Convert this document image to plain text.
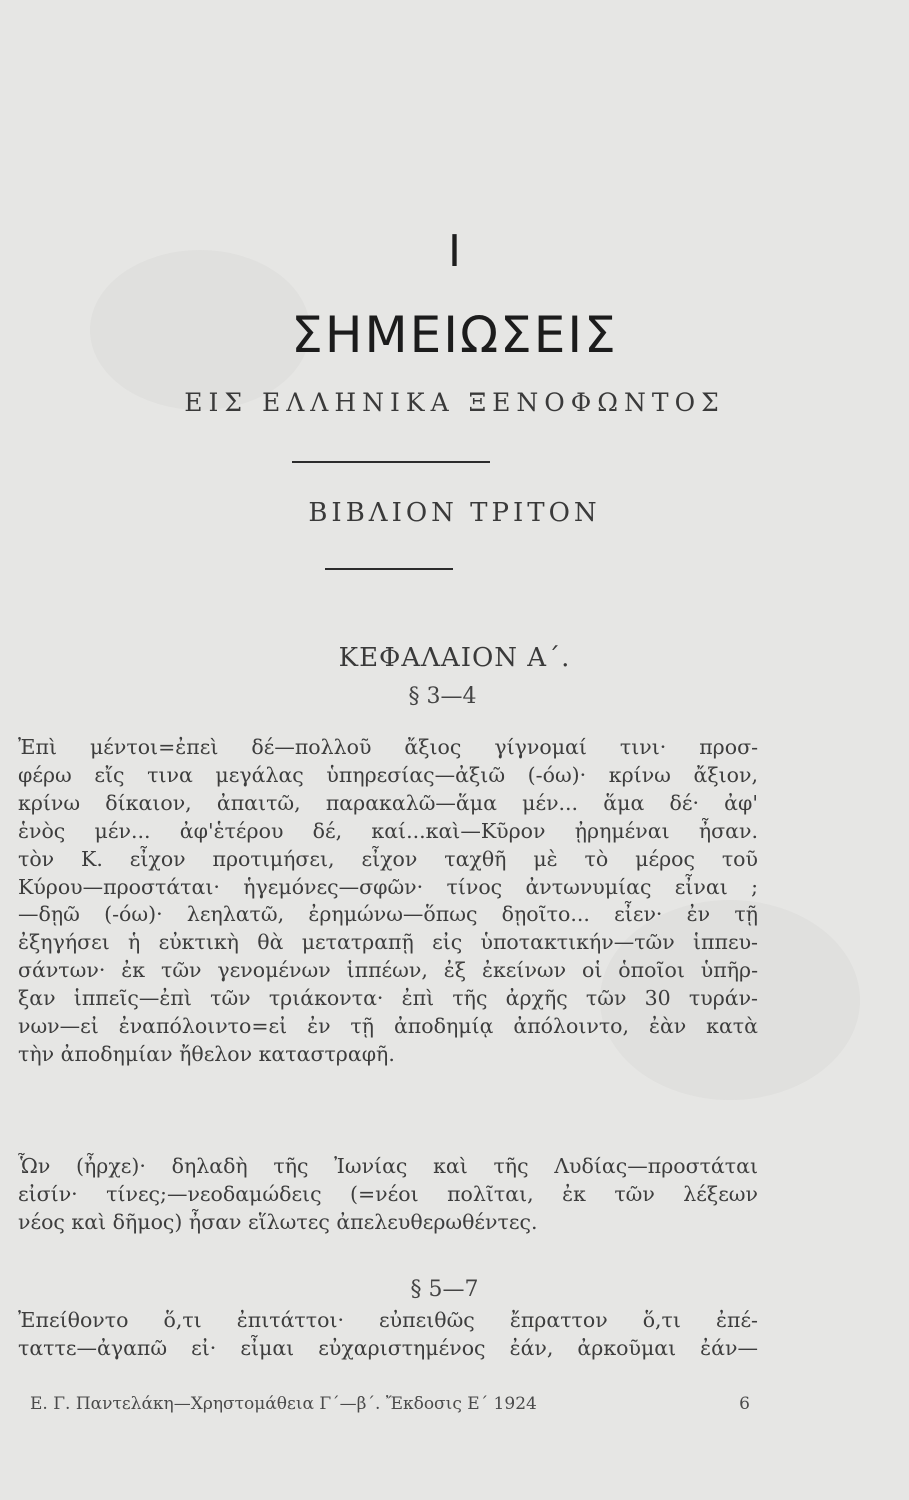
Ι
ΣΗΜΕΙΩΣΕΙΣ
ΕΙΣ ΕΛΛΗΝΙΚΑ ΞΕΝΟΦΩΝΤΟΣ
ΒΙΒΛΙΟΝ ΤΡΙΤΟΝ
ΚΕΦΑΛΑΙΟΝ Α΄.
§ 3—4
Ἐπὶ μέντοι=ἐπεὶ δέ—πολλοῦ ἄξιος γίγνομαί τινι· προσ-
φέρω εἴς τινα μεγάλας ὑπηρεσίας—ἀξιῶ (-όω)· κρίνω ἄξιον,
κρίνω δίκαιον, ἀπαιτῶ, παρακαλῶ—ἅμα μέν... ἅμα δέ· ἀφ'
ἑνὸς μέν... ἀφ'ἑτέρου δέ, καί...καὶ—Κῦρον ᾐρημέναι ἦσαν.
τὸν Κ. εἶχον προτιμήσει, εἶχον ταχθῆ μὲ τὸ μέρος τοῦ
Κύρου—προστάται· ἡγεμόνες—σφῶν· τίνος ἀντωνυμίας εἶναι ;
—δῃῶ (-όω)· λεηλατῶ, ἐρημώνω—ὅπως δῃοῖτο... εἶεν· ἐν τῇ
ἐξηγήσει ἡ εὐκτικὴ θὰ μετατραπῇ εἰς ὑποτακτικήν—τῶν ἱππευ-
σάντων· ἐκ τῶν γενομένων ἱππέων, ἐξ ἐκείνων οἱ ὁποῖοι ὑπῆρ-
ξαν ἱππεῖς—ἐπὶ τῶν τριάκοντα· ἐπὶ τῆς ἀρχῆς τῶν 30 τυράν-
νων—εἰ ἐναπόλοιντο=εἰ ἐν τῇ ἀποδημίᾳ ἀπόλοιντο, ἐὰν κατὰ
τὴν ἀποδημίαν ἤθελον καταστραφῆ.
Ὧν (ἦρχε)· δηλαδὴ τῆς Ἰωνίας καὶ τῆς Λυδίας—προστάται
εἰσίν· τίνες;—νεοδαμώδεις (=νέοι πολῖται, ἐκ τῶν λέξεων
νέος καὶ δῆμος) ἦσαν εἵλωτες ἀπελευθερωθέντες.
§ 5—7
Ἐπείθοντο ὅ,τι ἐπιτάττοι· εὐπειθῶς ἔπραττον ὅ,τι ἐπέ-
ταττε—ἀγαπῶ εἰ· εἶμαι εὐχαριστημένος ἐάν, ἀρκοῦμαι ἐάν—
Ε. Γ. Παντελάκη—Χρηστομάθεια Γ΄—β΄. Ἔκδοσις Ε΄ 1924	6
